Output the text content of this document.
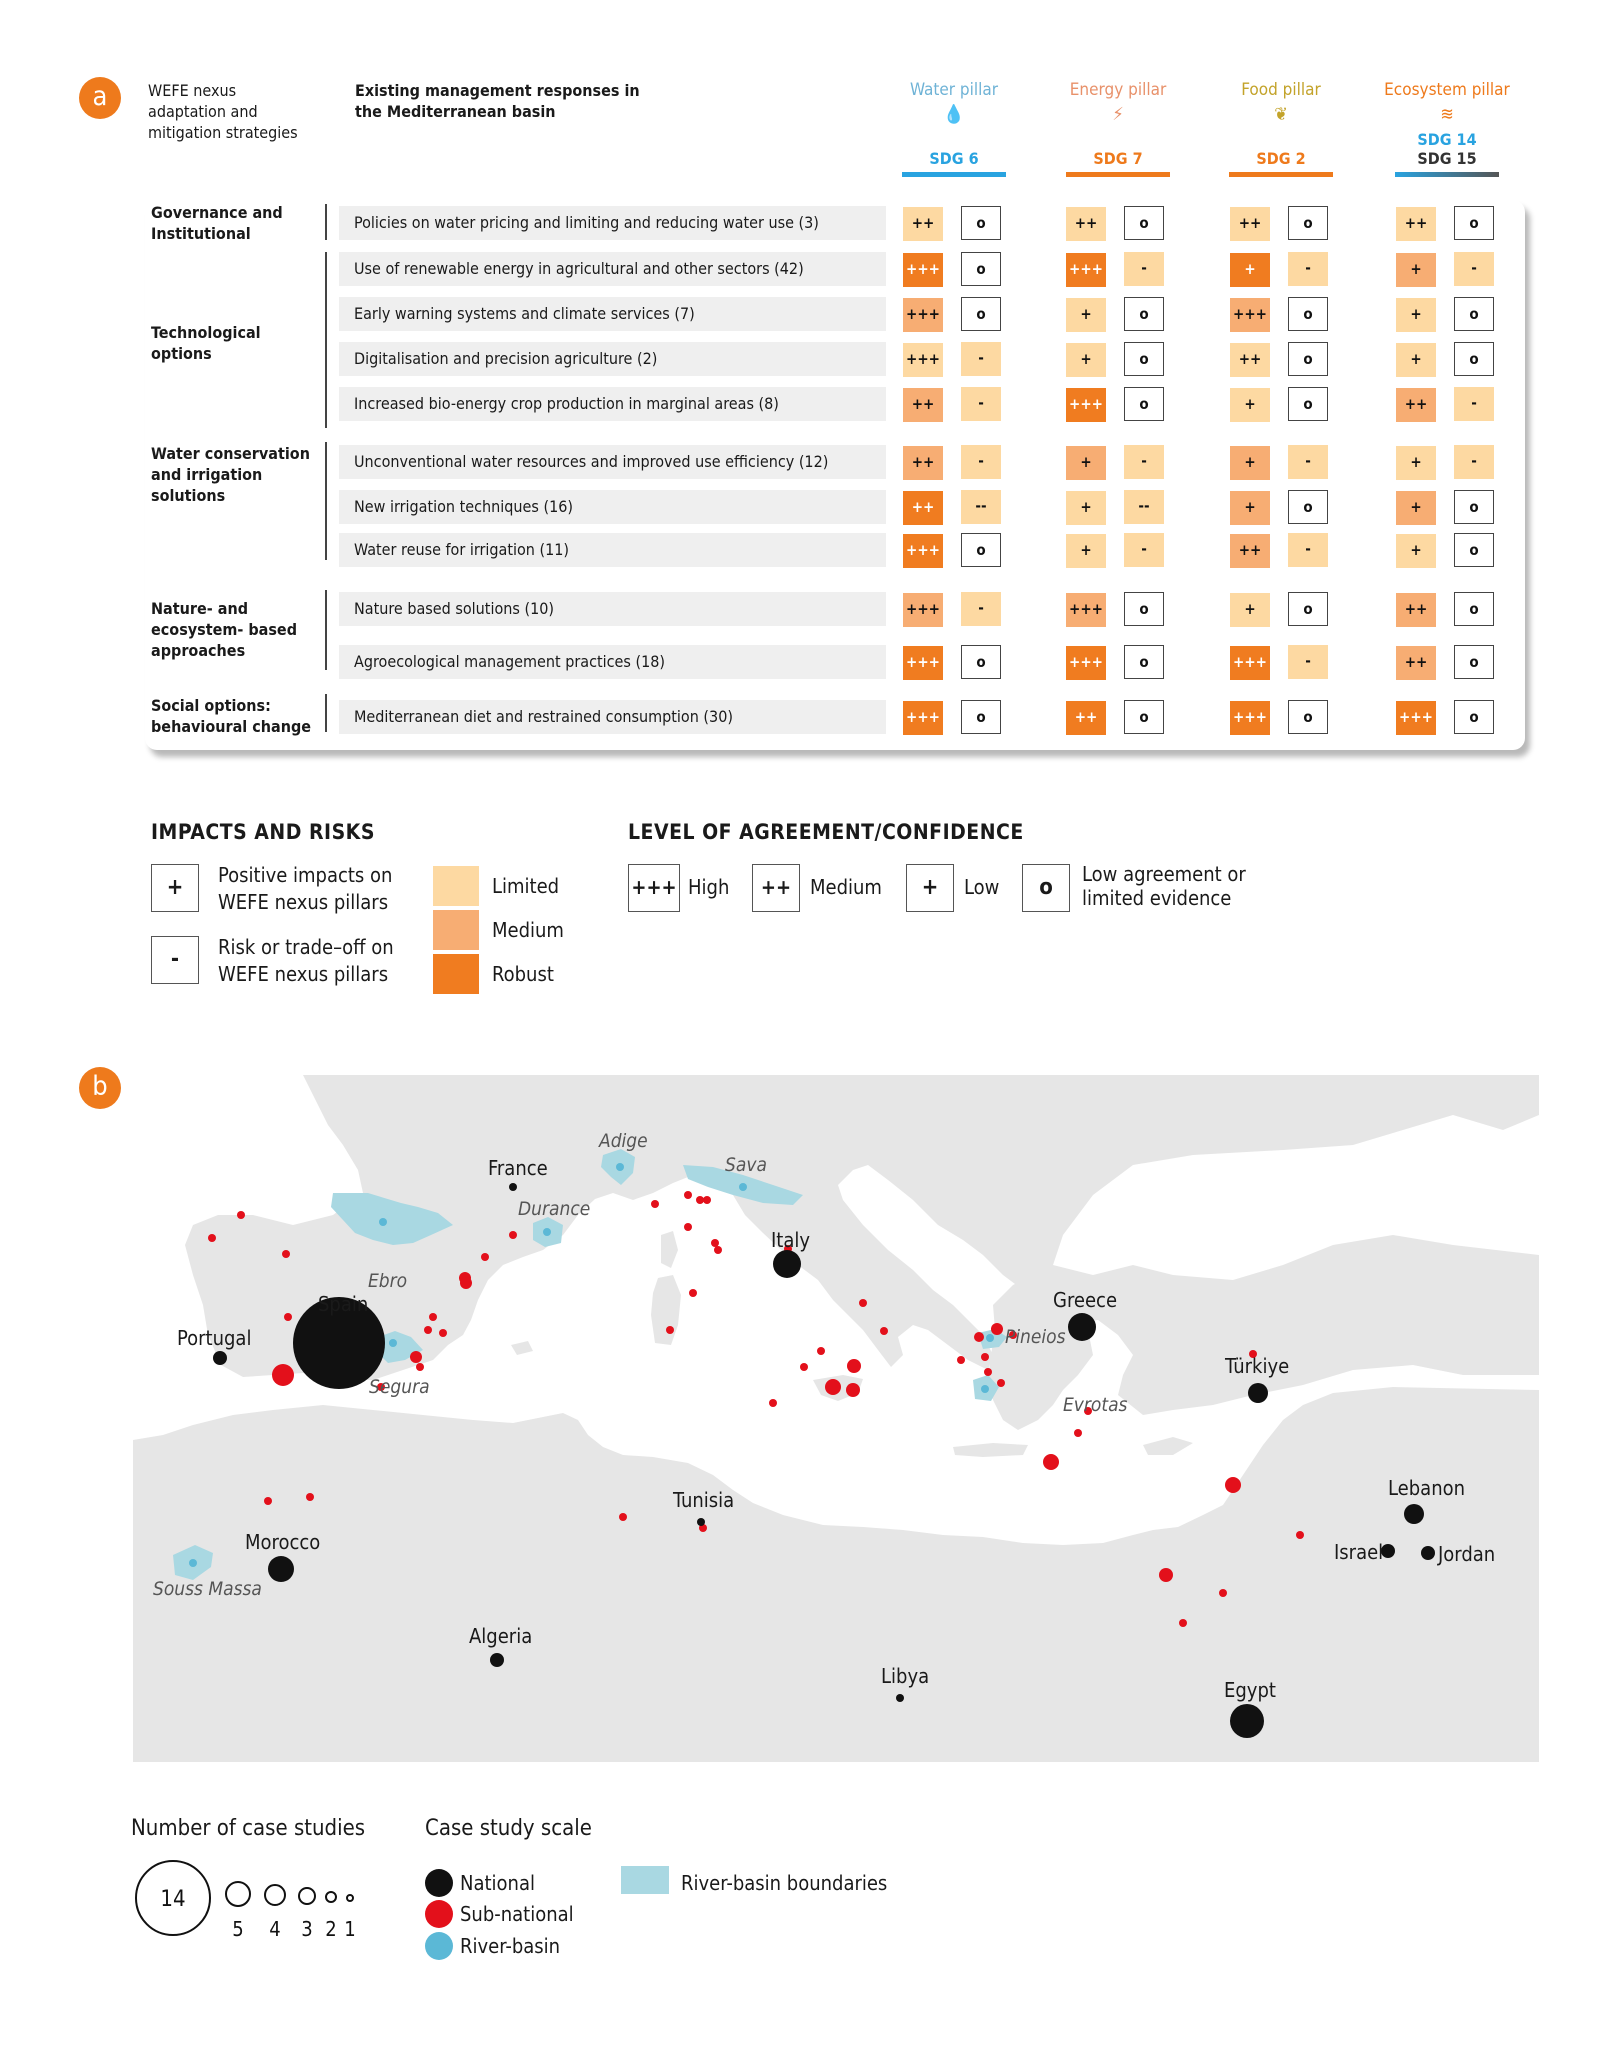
a	WEFE nexus adaptation and mitigation strategies
Existing management responses in the Mediterranean basin
Water pillar
💧
SDG 6
Energy pillar
⚡
SDG 7
Food pillar
❦
SDG 2
Ecosystem pillar
≋
SDG 14
SDG 15
Governance and Institutional
Technological options
Water conservation and irrigation solutions
Nature- and ecosystem- based approaches
Social options: behavioural change
Policies on water pricing and limiting and reducing water use (3)	++	o	++	o	++	o	++	o
Use of renewable energy in agricultural and other sectors (42)	+++	o	+++	-	+	-	+	-
Early warning systems and climate services (7)	+++	o	+	o	+++	o	+	o
Digitalisation and precision agriculture (2)	+++	-	+	o	++	o	+	o
Increased bio-energy crop production in marginal areas (8)	++	-	+++	o	+	o	++	-
Unconventional water resources and improved use efficiency (12)	++	-	+	-	+	-	+	-
New irrigation techniques (16)	++	--	+	--	+	o	+	o
Water reuse for irrigation (11)	+++	o	+	-	++	-	+	o
Nature based solutions (10)	+++	-	+++	o	+	o	++	o
Agroecological management practices (18)	+++	o	+++	o	+++	-	++	o
Mediterranean diet and restrained consumption (30)	+++	o	++	o	+++	o	+++	o
IMPACTS AND RISKS
+	Positive impacts on WEFE nexus pillars
-	Risk or trade–off on WEFE nexus pillars
Limited
Medium
Robust
LEVEL OF AGREEMENT/CONFIDENCE
+++ High	++ Medium	+	Low	o
Low agreement or limited evidence
b
France
Italy
Spain
Portugal
Greece
Türkiye
Lebanon
Israel	Jordan
Tunisia
Morocco
Algeria
Libya
Egypt
Adige
Sava
Durance
Ebro
Segura
Pineios
Evrotas
Souss Massa
Number of case studies
14
5 4 3 2 1
Case study scale
National
Sub-national
River-basin
River-basin boundaries
